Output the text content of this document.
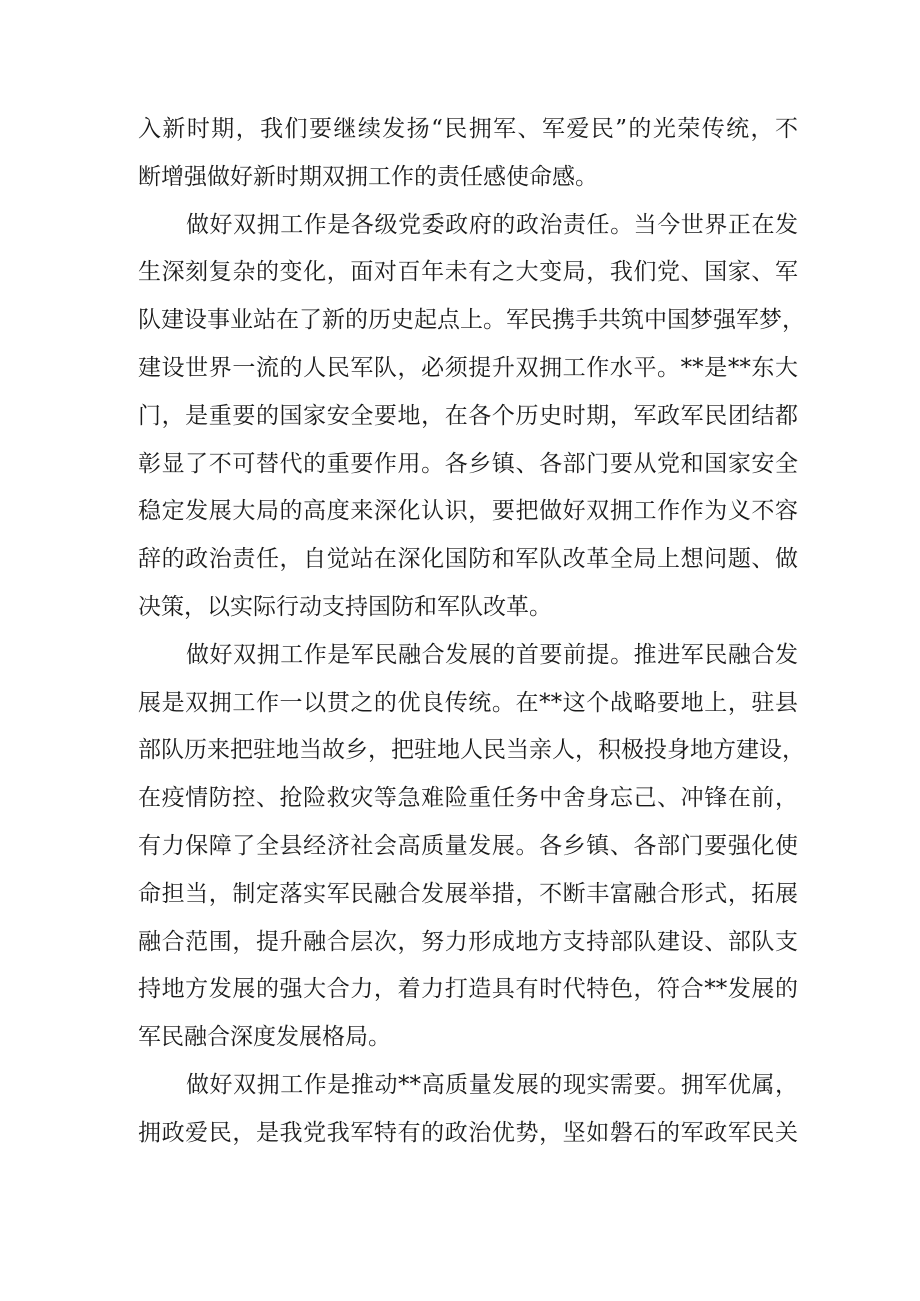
入新时期，我们要继续发扬“民拥军、军爱民”的光荣传统，不
断增强做好新时期双拥工作的责任感使命感。
做好双拥工作是各级党委政府的政治责任。当今世界正在发
生深刻复杂的变化，面对百年未有之大变局，我们党、国家、军
队建设事业站在了新的历史起点上。军民携手共筑中国梦强军梦，
建设世界一流的人民军队，必须提升双拥工作水平。**是**东大
门，是重要的国家安全要地，在各个历史时期，军政军民团结都
彰显了不可替代的重要作用。各乡镇、各部门要从党和国家安全
稳定发展大局的高度来深化认识，要把做好双拥工作作为义不容
辞的政治责任，自觉站在深化国防和军队改革全局上想问题、做
决策，以实际行动支持国防和军队改革。
做好双拥工作是军民融合发展的首要前提。推进军民融合发
展是双拥工作一以贯之的优良传统。在**这个战略要地上，驻县
部队历来把驻地当故乡，把驻地人民当亲人，积极投身地方建设，
在疫情防控、抢险救灾等急难险重任务中舍身忘己、冲锋在前，
有力保障了全县经济社会高质量发展。各乡镇、各部门要强化使
命担当，制定落实军民融合发展举措，不断丰富融合形式，拓展
融合范围，提升融合层次，努力形成地方支持部队建设、部队支
持地方发展的强大合力，着力打造具有时代特色，符合**发展的
军民融合深度发展格局。
做好双拥工作是推动**高质量发展的现实需要。拥军优属，
拥政爱民，是我党我军特有的政治优势，坚如磐石的军政军民关
